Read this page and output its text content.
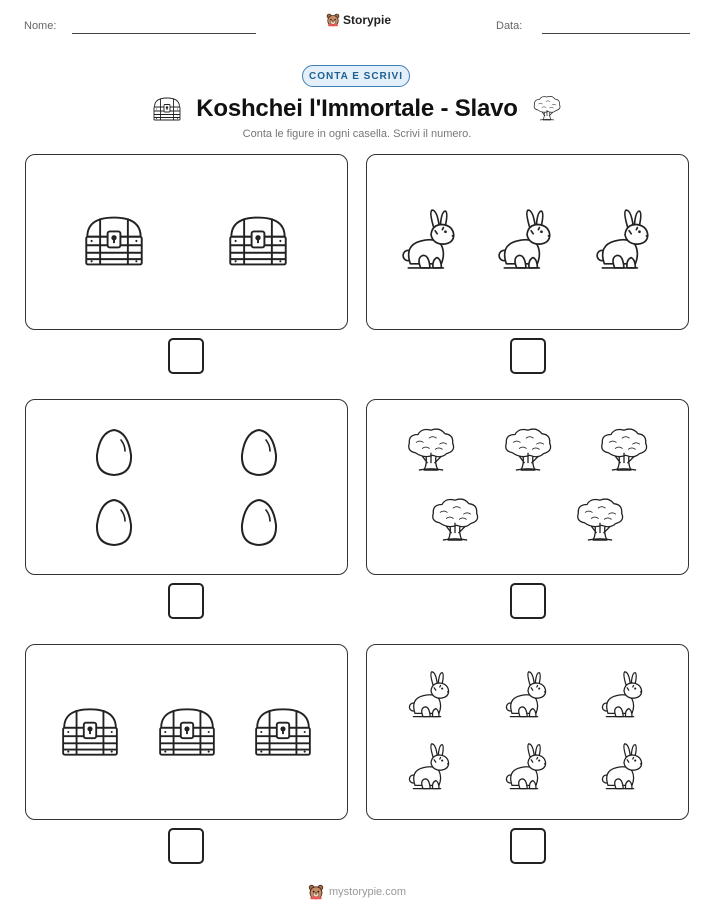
Nome:	Storypie	Data:
CONTA E SCRIVI
Koshchei l'Immortale - Slavo
Conta le figure in ogni casella. Scrivi il numero.
mystorypie.com
